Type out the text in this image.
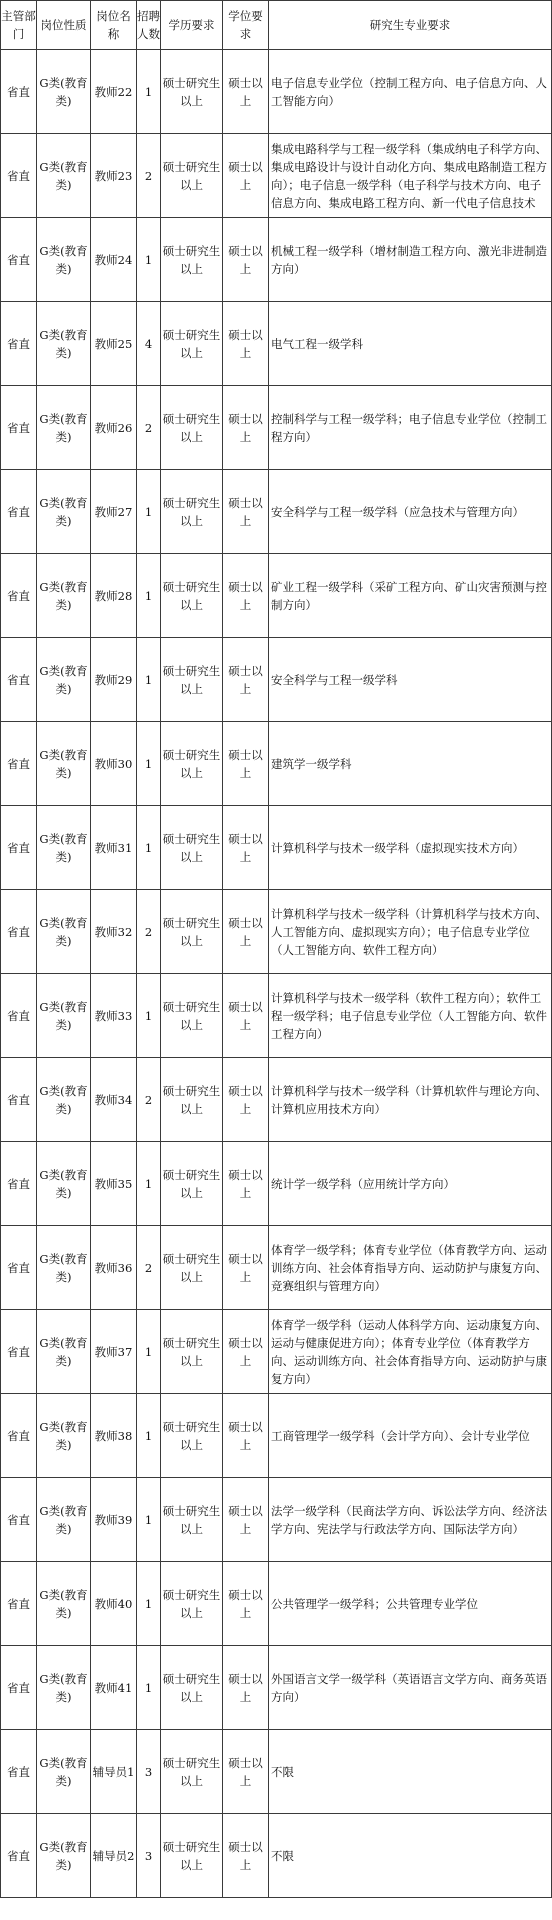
主管部门	岗位性质	岗位名称	招聘人数	学历要求	学位要求	研究生专业要求
省直	G类(教育类)	教师22	1	硕士研究生以上	硕士以上	电子信息专业学位（控制工程方向、电子信息方向、人工智能方向）

省直	G类(教育类)	教师23	2	硕士研究生以上	硕士以上	集成电路科学与工程一级学科（集成纳电子科学方向、集成电路设计与设计自动化方向、集成电路制造工程方向）；电子信息一级学科（电子科学与技术方向、电子信息方向、集成电路工程方向、新一代电子信息技术

省直	G类(教育类)	教师24	1	硕士研究生以上	硕士以上	机械工程一级学科（增材制造工程方向、激光非进制造方向）

省直	G类(教育类)	教师25	4	硕士研究生以上	硕士以上	电气工程一级学科

省直	G类(教育类)	教师26	2	硕士研究生以上	硕士以上	控制科学与工程一级学科；电子信息专业学位（控制工程方向）

省直	G类(教育类)	教师27	1	硕士研究生以上	硕士以上	安全科学与工程一级学科（应急技术与管理方向）

省直	G类(教育类)	教师28	1	硕士研究生以上	硕士以上	矿业工程一级学科（采矿工程方向、矿山灾害预测与控制方向）

省直	G类(教育类)	教师29	1	硕士研究生以上	硕士以上	安全科学与工程一级学科

省直	G类(教育类)	教师30	1	硕士研究生以上	硕士以上	建筑学一级学科

省直	G类(教育类)	教师31	1	硕士研究生以上	硕士以上	计算机科学与技术一级学科（虚拟现实技术方向）

省直	G类(教育类)	教师32	2	硕士研究生以上	硕士以上	计算机科学与技术一级学科（计算机科学与技术方向、人工智能方向、虚拟现实方向）；电子信息专业学位（人工智能方向、软件工程方向）

省直	G类(教育类)	教师33	1	硕士研究生以上	硕士以上	计算机科学与技术一级学科（软件工程方向）；软件工程一级学科；电子信息专业学位（人工智能方向、软件工程方向）

省直	G类(教育类)	教师34	2	硕士研究生以上	硕士以上	计算机科学与技术一级学科（计算机软件与理论方向、计算机应用技术方向）

省直	G类(教育类)	教师35	1	硕士研究生以上	硕士以上	统计学一级学科（应用统计学方向）

省直	G类(教育类)	教师36	2	硕士研究生以上	硕士以上	体育学一级学科；体育专业学位（体育教学方向、运动训练方向、社会体育指导方向、运动防护与康复方向、竞赛组织与管理方向）

省直	G类(教育类)	教师37	1	硕士研究生以上	硕士以上	体育学一级学科（运动人体科学方向、运动康复方向、运动与健康促进方向）；体育专业学位（体育教学方向、运动训练方向、社会体育指导方向、运动防护与康复方向）

省直	G类(教育类)	教师38	1	硕士研究生以上	硕士以上	工商管理学一级学科（会计学方向）、会计专业学位

省直	G类(教育类)	教师39	1	硕士研究生以上	硕士以上	法学一级学科（民商法学方向、诉讼法学方向、经济法学方向、宪法学与行政法学方向、国际法学方向）

省直	G类(教育类)	教师40	1	硕士研究生以上	硕士以上	公共管理学一级学科；公共管理专业学位

省直	G类(教育类)	教师41	1	硕士研究生以上	硕士以上	外国语言文学一级学科（英语语言文学方向、商务英语方向）

省直	G类(教育类)	辅导员1	3	硕士研究生以上	硕士以上	不限

省直	G类(教育类)	辅导员2	3	硕士研究生以上	硕士以上	不限
